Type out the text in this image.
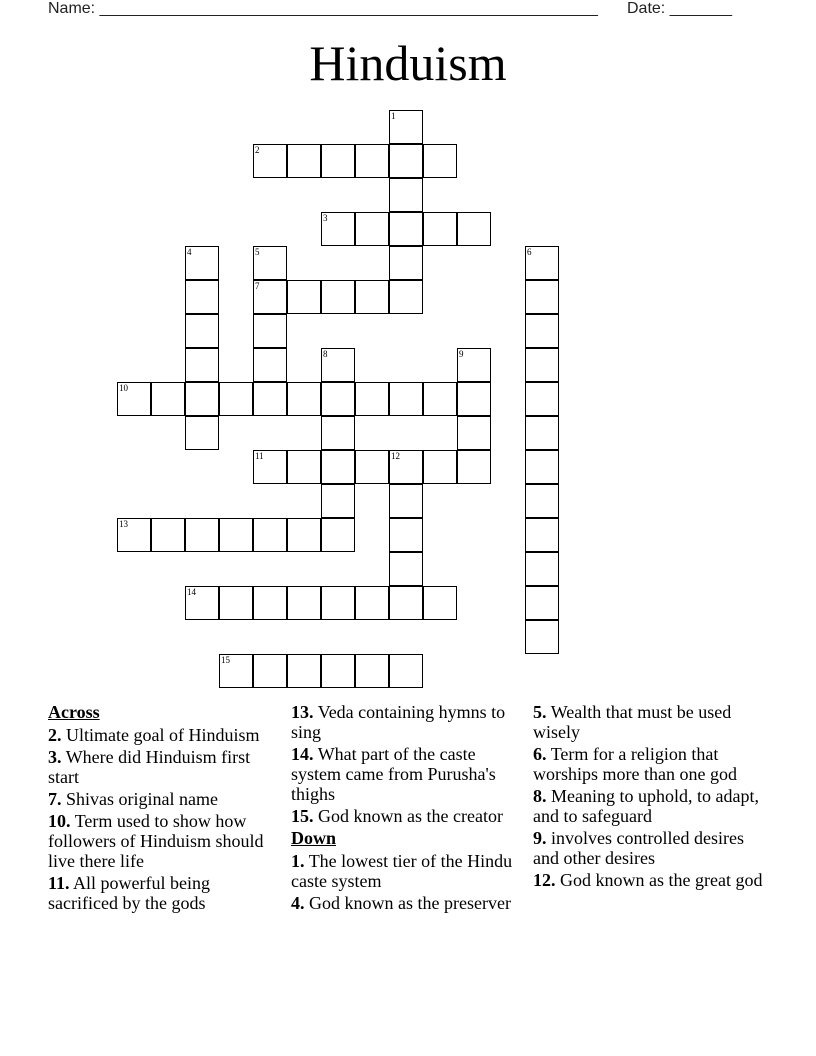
Name: ________________________________________________________ Date: _______
Hinduism
1
2
3
4	5
7
6
8	9
10
11	12
13
14
15
Across
2. Ultimate goal of Hinduism
3. Where did Hinduism first start
7. Shivas original name
10. Term used to show how followers of Hinduism should live there life
11. All powerful being sacrificed by the gods
13. Veda containing hymns to sing
14. What part of the caste system came from Purusha's thighs
15. God known as the creator
Down
1. The lowest tier of the Hindu caste system
4. God known as the preserver
5. Wealth that must be used wisely
6. Term for a religion that worships more than one god
8. Meaning to uphold, to adapt, and to safeguard
9. involves controlled desires and other desires
12. God known as the great god
